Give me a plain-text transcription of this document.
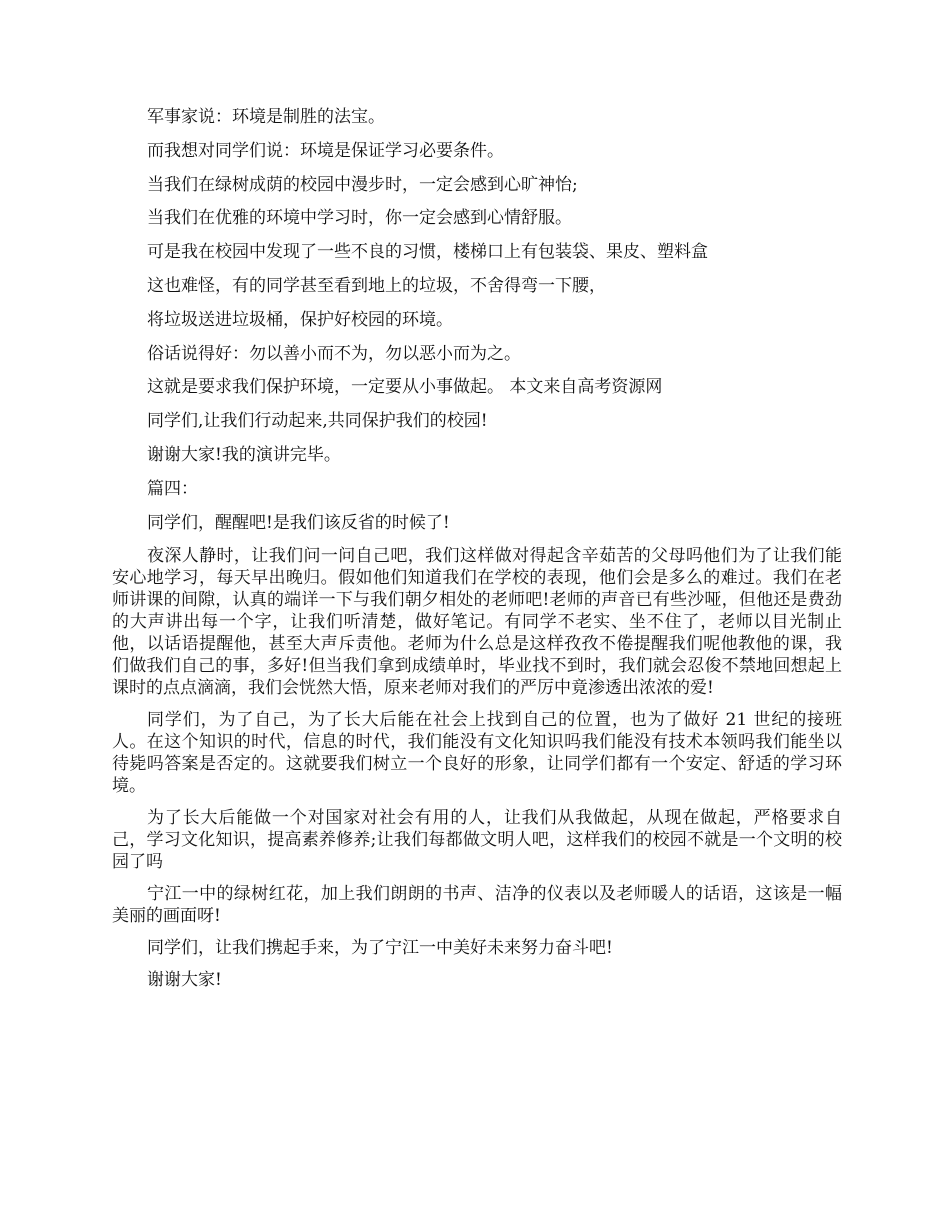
军事家说：环境是制胜的法宝。

而我想对同学们说：环境是保证学习必要条件。

当我们在绿树成荫的校园中漫步时，一定会感到心旷神怡;

当我们在优雅的环境中学习时，你一定会感到心情舒服。

可是我在校园中发现了一些不良的习惯，楼梯口上有包装袋、果皮、塑料盒

这也难怪，有的同学甚至看到地上的垃圾，不舍得弯一下腰，

将垃圾送进垃圾桶，保护好校园的环境。

俗话说得好：勿以善小而不为，勿以恶小而为之。

这就是要求我们保护环境，一定要从小事做起。 本文来自高考资源网

同学们,让我们行动起来,共同保护我们的校园!

谢谢大家!我的演讲完毕。

篇四：

同学们，醒醒吧!是我们该反省的时候了!

夜深人静时，让我们问一问自己吧，我们这样做对得起含辛茹苦的父母吗他们为了让我们能安心地学习，每天早出晚归。假如他们知道我们在学校的表现，他们会是多么的难过。我们在老师讲课的间隙，认真的端详一下与我们朝夕相处的老师吧!老师的声音已有些沙哑，但他还是费劲的大声讲出每一个字，让我们听清楚，做好笔记。有同学不老实、坐不住了，老师以目光制止他，以话语提醒他，甚至大声斥责他。老师为什么总是这样孜孜不倦提醒我们呢他教他的课，我们做我们自己的事，多好!但当我们拿到成绩单时，毕业找不到时，我们就会忍俊不禁地回想起上课时的点点滴滴，我们会恍然大悟，原来老师对我们的严厉中竟渗透出浓浓的爱!

同学们，为了自己，为了长大后能在社会上找到自己的位置，也为了做好 21 世纪的接班人。在这个知识的时代，信息的时代，我们能没有文化知识吗我们能没有技术本领吗我们能坐以待毙吗答案是否定的。这就要我们树立一个良好的形象，让同学们都有一个安定、舒适的学习环境。

为了长大后能做一个对国家对社会有用的人，让我们从我做起，从现在做起，严格要求自己，学习文化知识，提高素养修养;让我们每都做文明人吧，这样我们的校园不就是一个文明的校园了吗

宁江一中的绿树红花，加上我们朗朗的书声、洁净的仪表以及老师暖人的话语，这该是一幅美丽的画面呀!

同学们，让我们携起手来，为了宁江一中美好未来努力奋斗吧!

谢谢大家!
